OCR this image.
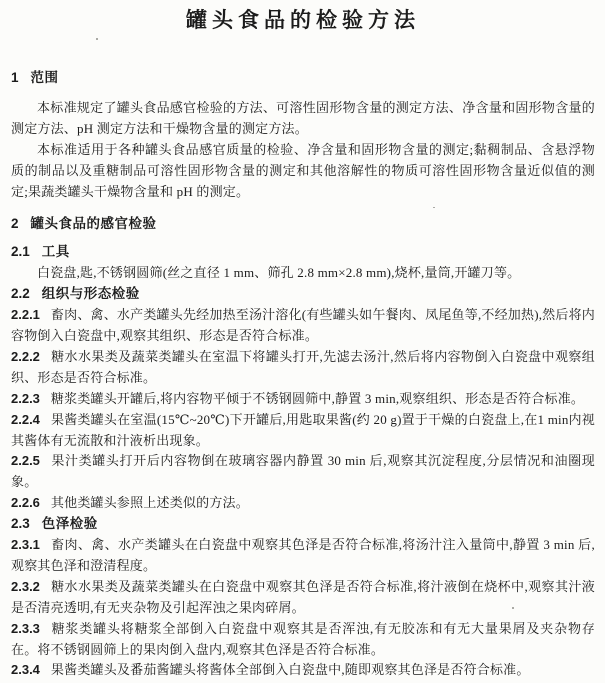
罐头食品的检验方法
1 范围

本标准规定了罐头食品感官检验的方法、可溶性固形物含量的测定方法、净含量和固形物含量的测定方法、pH 测定方法和干燥物含量的测定方法。

本标准适用于各种罐头食品感官质量的检验、净含量和固形物含量的测定;黏稠制品、含悬浮物质的制品以及重糖制品可溶性固形物含量的测定和其他溶解性的物质可溶性固形物含量近似值的测定;果蔬类罐头干燥物含量和 pH 的测定。

2 罐头食品的感官检验
2.1 工具

白瓷盘,匙,不锈钢圆筛(丝之直径 1 mm、筛孔 2.8 mm×2.8 mm),烧杯,量筒,开罐刀等。

2.2 组织与形态检验

2.2.1 畜肉、禽、水产类罐头先经加热至汤汁溶化(有些罐头如午餐肉、凤尾鱼等,不经加热),然后将内容物倒入白瓷盘中,观察其组织、形态是否符合标准。

2.2.2 糖水水果类及蔬菜类罐头在室温下将罐头打开,先滤去汤汁,然后将内容物倒入白瓷盘中观察组织、形态是否符合标准。

2.2.3 糖浆类罐头开罐后,将内容物平倾于不锈钢圆筛中,静置 3 min,观察组织、形态是否符合标准。

2.2.4 果酱类罐头在室温(15℃~20℃)下开罐后,用匙取果酱(约 20 g)置于干燥的白瓷盘上,在1 min内视其酱体有无流散和汁液析出现象。

2.2.5 果汁类罐头打开后内容物倒在玻璃容器内静置 30 min 后,观察其沉淀程度,分层情况和油圈现象。

2.2.6 其他类罐头参照上述类似的方法。

2.3 色泽检验

2.3.1 畜肉、禽、水产类罐头在白瓷盘中观察其色泽是否符合标准,将汤汁注入量筒中,静置 3 min 后,观察其色泽和澄清程度。

2.3.2 糖水水果类及蔬菜类罐头在白瓷盘中观察其色泽是否符合标准,将汁液倒在烧杯中,观察其汁液是否清亮透明,有无夹杂物及引起浑浊之果肉碎屑。

2.3.3 糖浆类罐头将糖浆全部倒入白瓷盘中观察其是否浑浊,有无胶冻和有无大量果屑及夹杂物存在。将不锈钢圆筛上的果肉倒入盘内,观察其色泽是否符合标准。

2.3.4 果酱类罐头及番茄酱罐头将酱体全部倒入白瓷盘中,随即观察其色泽是否符合标准。
